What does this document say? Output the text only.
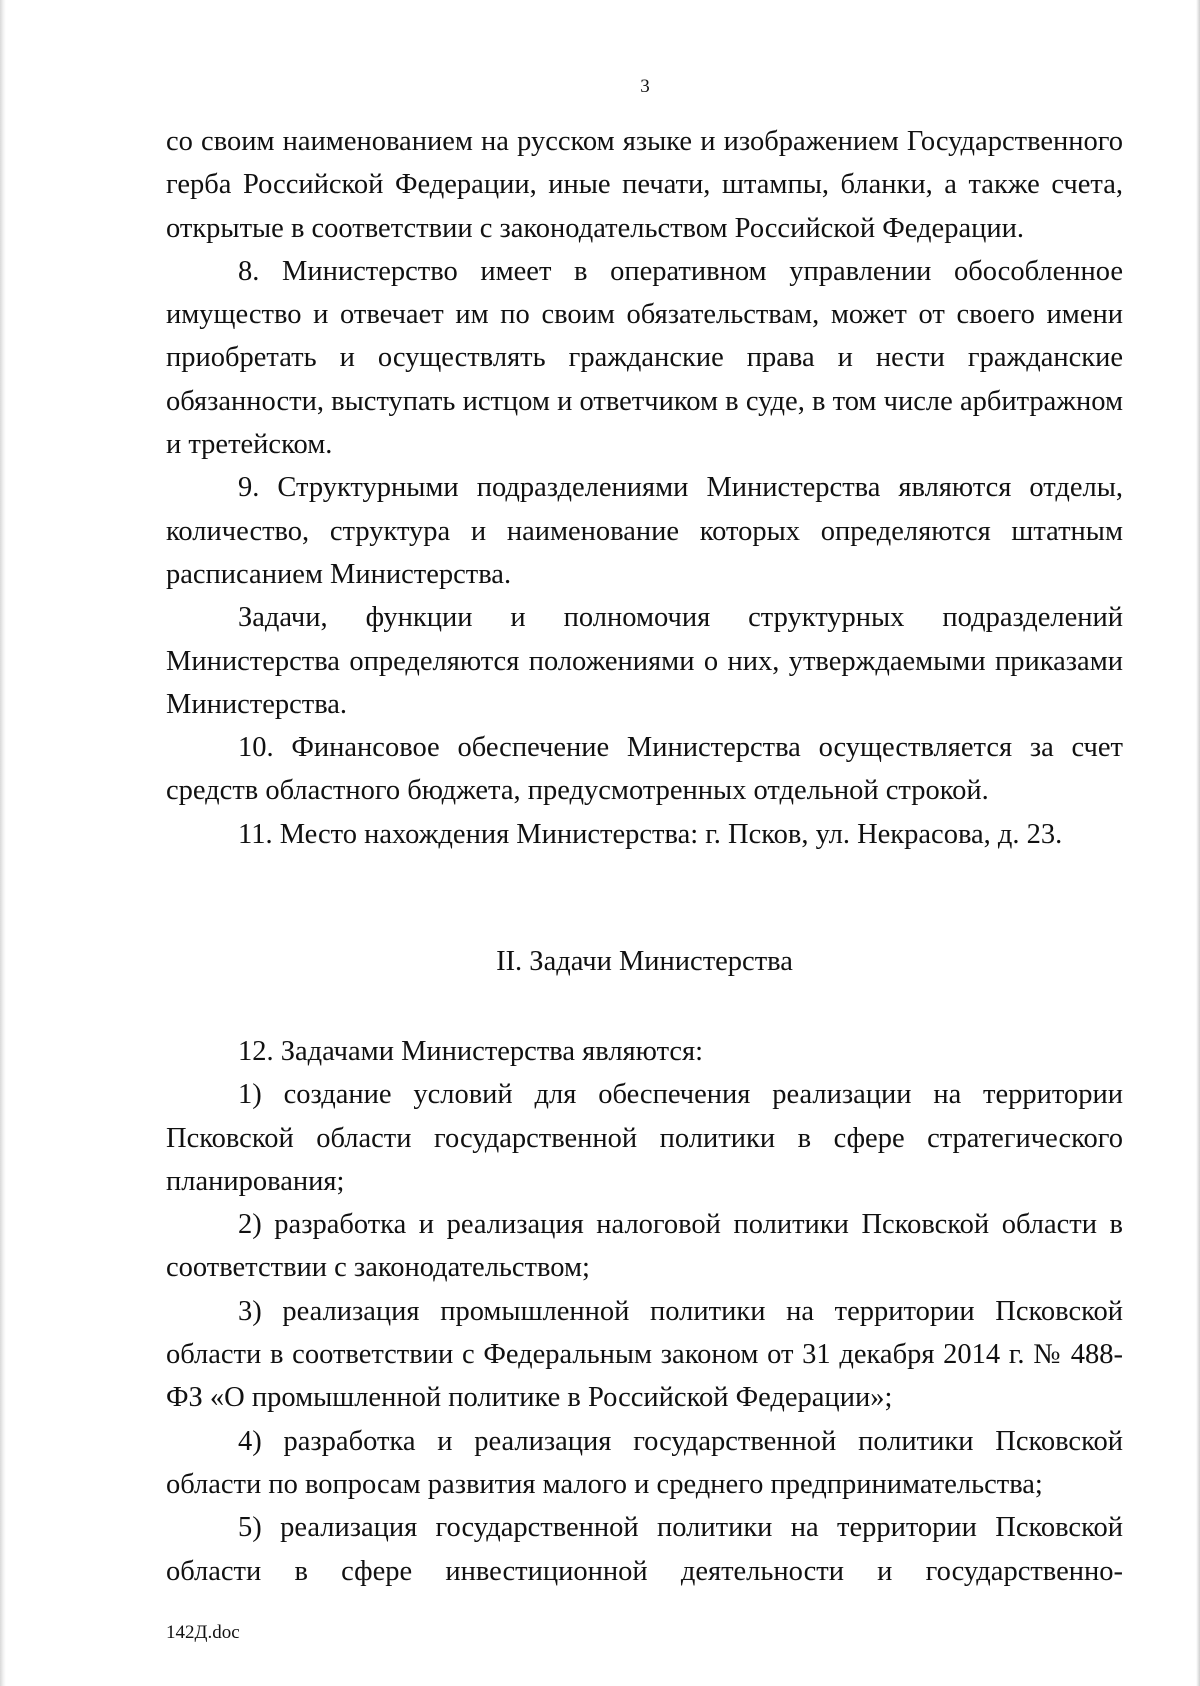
3

со своим наименованием на русском языке и изображением Государственного герба Российской Федерации, иные печати, штампы, бланки, а также счета, открытые в соответствии с законодательством Российской Федерации.

8. Министерство имеет в оперативном управлении обособленное имущество и отвечает им по своим обязательствам, может от своего имени приобретать и осуществлять гражданские права и нести гражданские обязанности, выступать истцом и ответчиком в суде, в том числе арбитражном и третейском.

9. Структурными подразделениями Министерства являются отделы, количество, структура и наименование которых определяются штатным расписанием Министерства.

Задачи, функции и полномочия структурных подразделений Министерства определяются положениями о них, утверждаемыми приказами Министерства.

10. Финансовое обеспечение Министерства осуществляется за счет средств областного бюджета, предусмотренных отдельной строкой.

11. Место нахождения Министерства: г. Псков, ул. Некрасова, д. 23.

II. Задачи Министерства

12. Задачами Министерства являются:

1) создание условий для обеспечения реализации на территории Псковской области государственной политики в сфере стратегического планирования;

2) разработка и реализация налоговой политики Псковской области в соответствии с законодательством;

3) реализация промышленной политики на территории Псковской области в соответствии с Федеральным законом от 31 декабря 2014 г. № 488-ФЗ «О промышленной политике в Российской Федерации»;

4) разработка и реализация государственной политики Псковской области по вопросам развития малого и среднего предпринимательства;

5) реализация государственной политики на территории Псковской области в сфере инвестиционной деятельности и государственно-

142Д.doc
